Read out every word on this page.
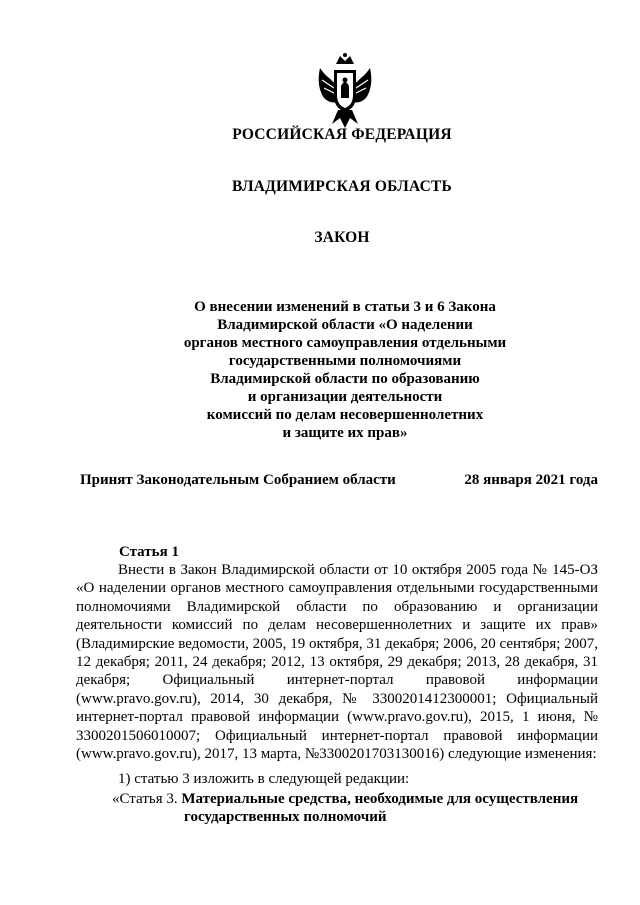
РОССИЙСКАЯ ФЕДЕРАЦИЯ
ВЛАДИМИРСКАЯ ОБЛАСТЬ
ЗАКОН
О внесении изменений в статьи 3 и 6 Закона
Владимирской области «О наделении
органов местного самоуправления отдельными
государственными полномочиями
Владимирской области по образованию
и организации деятельности
комиссий по делам несовершеннолетних
и защите их прав»
Принят Законодательным Собранием области	28 января 2021 года
Статья 1
Внести в Закон Владимирской области от 10 октября 2005 года № 145-ОЗ «О наделении органов местного самоуправления отдельными государственными полномочиями Владимирской области по образованию и организации деятельности комиссий по делам несовершеннолетних и защите их прав» (Владимирские ведомости, 2005, 19 октября, 31 декабря; 2006, 20 сентября; 2007, 12 декабря; 2011, 24 декабря; 2012, 13 октября, 29 декабря; 2013, 28 декабря, 31 декабря; Официальный интернет-портал правовой информации (www.pravo.gov.ru), 2014, 30 декабря, № 3300201412300001; Официальный интернет-портал правовой информации (www.pravo.gov.ru), 2015, 1 июня, № 3300201506010007; Официальный интернет-портал правовой информации (www.pravo.gov.ru), 2017, 13 марта, №3300201703130016) следующие изменения:
1) статью 3 изложить в следующей редакции:
«Статья 3. Материальные средства, необходимые для осуществления
государственных полномочий
